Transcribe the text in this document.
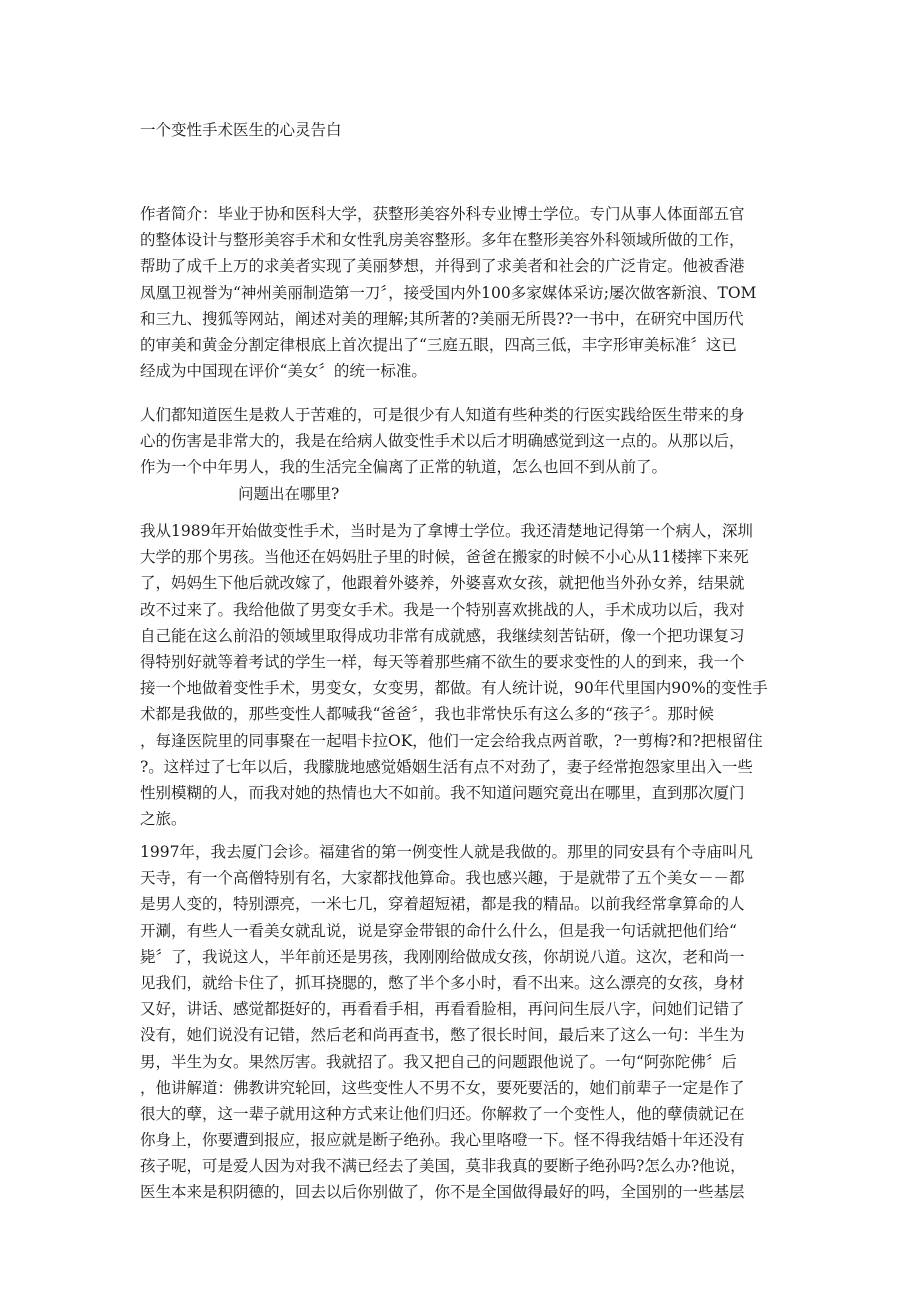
一个变性手术医生的心灵告白
作者简介：毕业于协和医科大学，获整形美容外科专业博士学位。专门从事人体面部五官
的整体设计与整形美容手术和女性乳房美容整形。多年在整形美容外科领域所做的工作，
帮助了成千上万的求美者实现了美丽梦想，并得到了求美者和社会的广泛肯定。他被香港
凤凰卫视誉为“神州美丽制造第一刀〞，接受国内外100多家媒体采访;屡次做客新浪、TOM
和三九、搜狐等网站，阐述对美的理解;其所著的?美丽无所畏??一书中，在研究中国历代
的审美和黄金分割定律根底上首次提出了“三庭五眼，四高三低，丰字形审美标准〞这已
经成为中国现在评价“美女〞的统一标准。
人们都知道医生是救人于苦难的，可是很少有人知道有些种类的行医实践给医生带来的身
心的伤害是非常大的，我是在给病人做变性手术以后才明确感觉到这一点的。从那以后，
作为一个中年男人，我的生活完全偏离了正常的轨道，怎么也回不到从前了。
问题出在哪里?
我从1989年开始做变性手术，当时是为了拿博士学位。我还清楚地记得第一个病人，深圳
大学的那个男孩。当他还在妈妈肚子里的时候，爸爸在搬家的时候不小心从11楼摔下来死
了，妈妈生下他后就改嫁了，他跟着外婆养，外婆喜欢女孩，就把他当外孙女养，结果就
改不过来了。我给他做了男变女手术。我是一个特别喜欢挑战的人，手术成功以后，我对
自己能在这么前沿的领域里取得成功非常有成就感，我继续刻苦钻研，像一个把功课复习
得特别好就等着考试的学生一样，每天等着那些痛不欲生的要求变性的人的到来，我一个
接一个地做着变性手术，男变女，女变男，都做。有人统计说，90年代里国内90%的变性手
术都是我做的，那些变性人都喊我“爸爸〞，我也非常快乐有这么多的“孩子〞。那时候
，每逢医院里的同事聚在一起唱卡拉OK，他们一定会给我点两首歌，?一剪梅?和?把根留住
?。这样过了七年以后，我朦胧地感觉婚姻生活有点不对劲了，妻子经常抱怨家里出入一些
性别模糊的人，而我对她的热情也大不如前。我不知道问题究竟出在哪里，直到那次厦门
之旅。
1997年，我去厦门会诊。福建省的第一例变性人就是我做的。那里的同安县有个寺庙叫凡
天寺，有一个高僧特别有名，大家都找他算命。我也感兴趣，于是就带了五个美女－－都
是男人变的，特别漂亮，一米七几，穿着超短裙，都是我的精品。以前我经常拿算命的人
开涮，有些人一看美女就乱说，说是穿金带银的命什么什么，但是我一句话就把他们给“
毙〞了，我说这人，半年前还是男孩，我刚刚给做成女孩，你胡说八道。这次，老和尚一
见我们，就给卡住了，抓耳挠腮的，憋了半个多小时，看不出来。这么漂亮的女孩，身材
又好，讲话、感觉都挺好的，再看看手相，再看看脸相，再问问生辰八字，问她们记错了
没有，她们说没有记错，然后老和尚再查书，憋了很长时间，最后来了这么一句：半生为
男，半生为女。果然厉害。我就招了。我又把自己的问题跟他说了。一句“阿弥陀佛〞后
，他讲解道：佛教讲究轮回，这些变性人不男不女，要死要活的，她们前辈子一定是作了
很大的孽，这一辈子就用这种方式来让他们归还。你解救了一个变性人，他的孽债就记在
你身上，你要遭到报应，报应就是断子绝孙。我心里咯噔一下。怪不得我结婚十年还没有
孩子呢，可是爱人因为对我不满已经去了美国，莫非我真的要断子绝孙吗?怎么办?他说，
医生本来是积阴德的，回去以后你别做了，你不是全国做得最好的吗，全国别的一些基层
